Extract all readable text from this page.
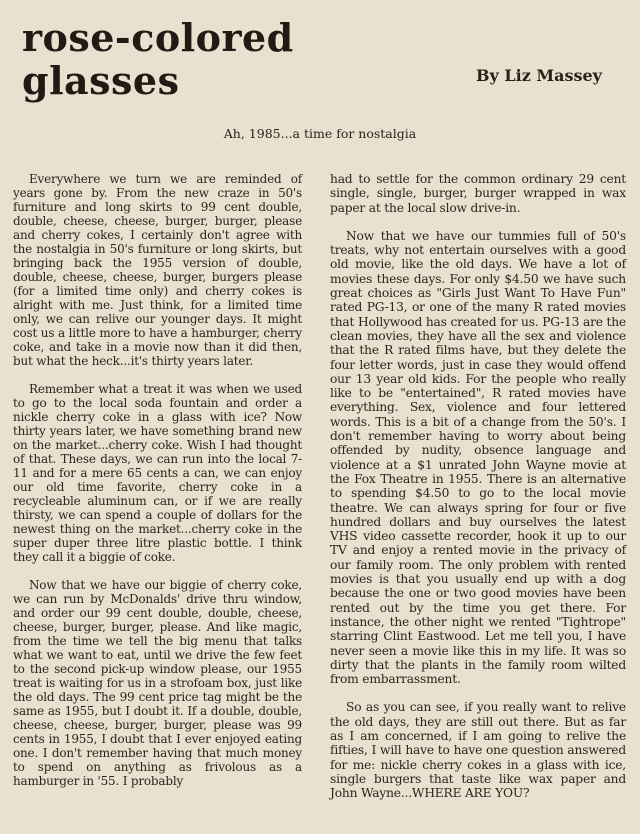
rose-colored
glasses	By Liz Massey
Ah, 1985...a time for nostalgia

Everywhere we turn we are reminded of years gone by. From the new craze in 50's furniture and long skirts to 99 cent double, double, cheese, cheese, burger, burger, please and cherry cokes, I certainly don't agree with the nostalgia in 50's furniture or long skirts, but bringing back the 1955 version of double, double, cheese, cheese, burger, burgers please (for a limited time only) and cherry cokes is alright with me. Just think, for a limited time only, we can relive our younger days. It might cost us a little more to have a hamburger, cherry coke, and take in a movie now than it did then, but what the heck...it's thirty years later.

Remember what a treat it was when we used to go to the local soda fountain and order a nickle cherry coke in a glass with ice? Now thirty years later, we have something brand new on the market...cherry coke. Wish I had thought of that. These days, we can run into the local 7-11 and for a mere 65 cents a can, we can enjoy our old time favorite, cherry coke in a recycleable aluminum can, or if we are really thirsty, we can spend a couple of dollars for the newest thing on the market...cherry coke in the super duper three litre plastic bottle. I think they call it a biggie of coke.

Now that we have our biggie of cherry coke, we can run by McDonalds' drive thru window, and order our 99 cent double, double, cheese, cheese, burger, burger, please. And like magic, from the time we tell the big menu that talks what we want to eat, until we drive the few feet to the second pick-up window please, our 1955 treat is waiting for us in a strofoam box, just like the old days. The 99 cent price tag might be the same as 1955, but I doubt it. If a double, double, cheese, cheese, burger, burger, please was 99 cents in 1955, I doubt that I ever enjoyed eating one. I don't remember having that much money to spend on anything as frivolous as a hamburger in '55. I probably

had to settle for the common ordinary 29 cent single, single, burger, burger wrapped in wax paper at the local slow drive-in.

Now that we have our tummies full of 50's treats, why not entertain ourselves with a good old movie, like the old days. We have a lot of movies these days. For only $4.50 we have such great choices as "Girls Just Want To Have Fun" rated PG-13, or one of the many R rated movies that Hollywood has created for us. PG-13 are the clean movies, they have all the sex and violence that the R rated films have, but they delete the four letter words, just in case they would offend our 13 year old kids. For the people who really like to be "entertained", R rated movies have everything. Sex, violence and four lettered words. This is a bit of a change from the 50's. I don't remember having to worry about being offended by nudity, obsence language and violence at a $1 unrated John Wayne movie at the Fox Theatre in 1955. There is an alternative to spending $4.50 to go to the local movie theatre. We can always spring for four or five hundred dollars and buy ourselves the latest VHS video cassette recorder, hook it up to our TV and enjoy a rented movie in the privacy of our family room. The only problem with rented movies is that you usually end up with a dog because the one or two good movies have been rented out by the time you get there. For instance, the other night we rented "Tightrope" starring Clint Eastwood. Let me tell you, I have never seen a movie like this in my life. It was so dirty that the plants in the family room wilted from embarrassment.

So as you can see, if you really want to relive the old days, they are still out there. But as far as I am concerned, if I am going to relive the fifties, I will have to have one question answered for me: nickle cherry cokes in a glass with ice, single burgers that taste like wax paper and John Wayne...WHERE ARE YOU?
